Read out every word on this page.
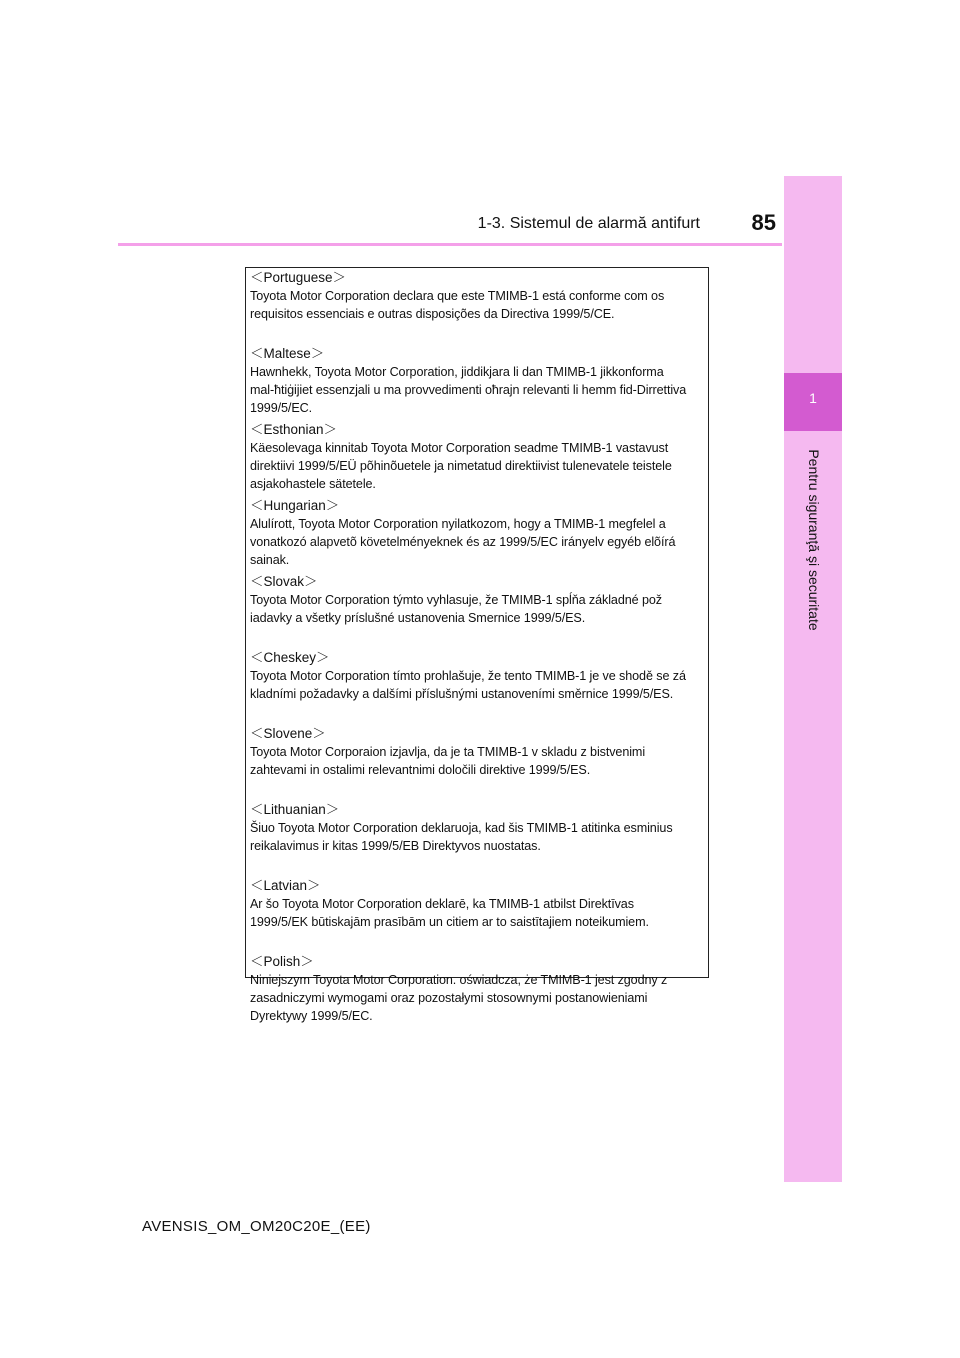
1
Pentru siguranţă şi securitate
1-3. Sistemul de alarmă antifurt	85
＜Portuguese＞
Toyota Motor Corporation declara que este TMIMB-1 está conforme com os
requisitos essenciais e outras disposições da Directiva 1999/5/CE.
＜Maltese＞
Hawnhekk, Toyota Motor Corporation, jiddikjara li dan TMIMB-1 jikkonforma
mal-ħtiġijiet essenzjali u ma provvedimenti oħrajn relevanti li hemm fid-Dirrettiva
1999/5/EC.
＜Esthonian＞
Käesolevaga kinnitab Toyota Motor Corporation seadme TMIMB-1 vastavust
direktiivi 1999/5/EÜ põhinõuetele ja nimetatud direktiivist tulenevatele teistele
asjakohastele sätetele.
＜Hungarian＞
Alulírott, Toyota Motor Corporation nyilatkozom, hogy a TMIMB-1 megfelel a
vonatkozó alapvetõ követelményeknek és az 1999/5/EC irányelv egyéb elõírá
sainak.
＜Slovak＞
Toyota Motor Corporation týmto vyhlasuje, že TMIMB-1 spĺňa základné pož
iadavky a všetky príslušné ustanovenia Smernice 1999/5/ES.
＜Cheskey＞
Toyota Motor Corporation tímto prohlašuje, že tento TMIMB-1 je ve shodě se zá
kladními požadavky a dalšími příslušnými ustanoveními směrnice 1999/5/ES.
＜Slovene＞
Toyota Motor Corporaion izjavlja, da je ta TMIMB-1 v skladu z bistvenimi
zahtevami in ostalimi relevantnimi določili direktive 1999/5/ES.
＜Lithuanian＞
Šiuo Toyota Motor Corporation deklaruoja, kad šis TMIMB-1 atitinka esminius
reikalavimus ir kitas 1999/5/EB Direktyvos nuostatas.
＜Latvian＞
Ar šo Toyota Motor Corporation deklarē, ka TMIMB-1 atbilst Direktīvas
1999/5/EK būtiskajām prasībām un citiem ar to saistītajiem noteikumiem.
＜Polish＞
Niniejszym Toyota Motor Corporation. oświadcza, że TMIMB-1 jest zgodny z
zasadniczymi wymogami oraz pozostałymi stosownymi postanowieniami
Dyrektywy 1999/5/EC.
AVENSIS_OM_OM20C20E_(EE)
